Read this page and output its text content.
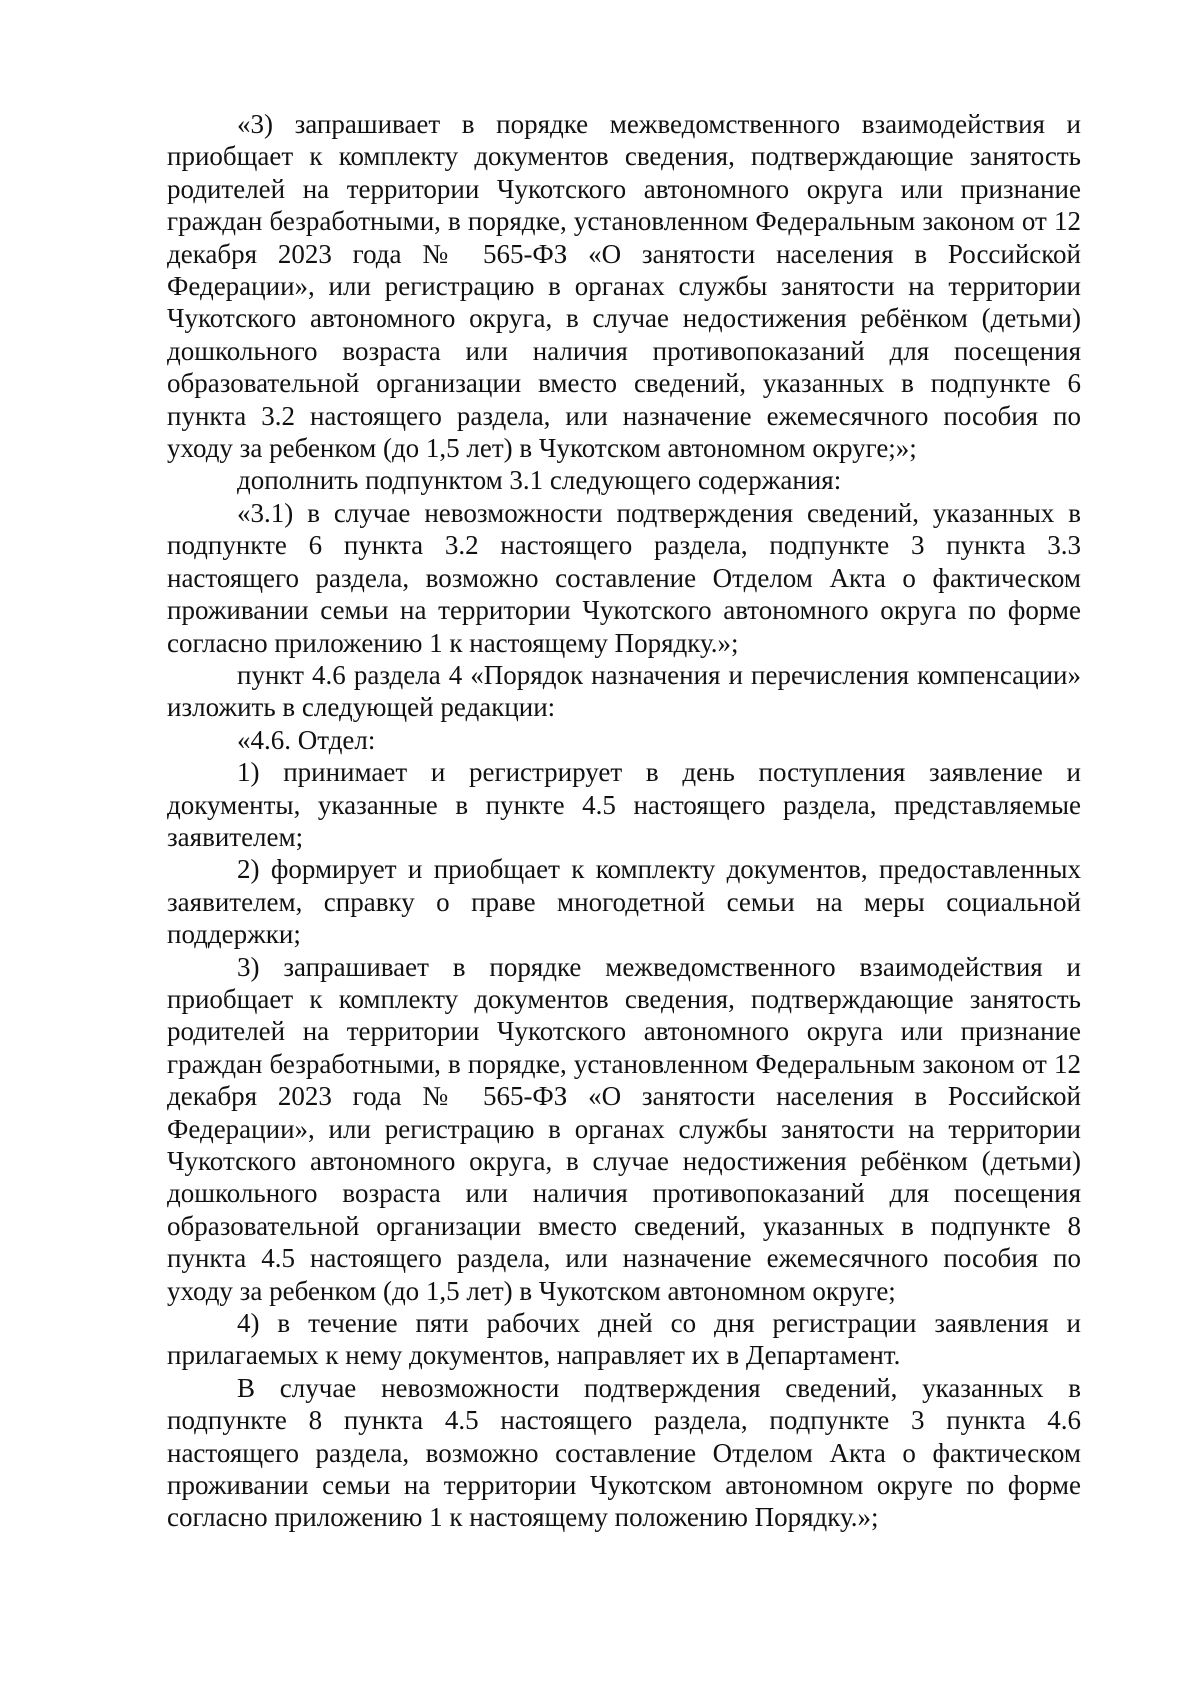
«3) запрашивает в порядке межведомственного взаимодействия и приобщает к комплекту документов сведения, подтверждающие занятость родителей на территории Чукотского автономного округа или признание граждан безработными, в порядке, установленном Федеральным законом от 12 декабря 2023 года № 565-ФЗ «О занятости населения в Российской Федерации», или регистрацию в органах службы занятости на территории Чукотского автономного округа, в случае недостижения ребёнком (детьми) дошкольного возраста или наличия противопоказаний для посещения образовательной организации вместо сведений, указанных в подпункте 6 пункта 3.2 настоящего раздела, или назначение ежемесячного пособия по уходу за ребенком (до 1,5 лет) в Чукотском автономном округе;»;

дополнить подпунктом 3.1 следующего содержания:

«3.1) в случае невозможности подтверждения сведений, указанных в подпункте 6 пункта 3.2 настоящего раздела, подпункте 3 пункта 3.3 настоящего раздела, возможно составление Отделом Акта о фактическом проживании семьи на территории Чукотского автономного округа по форме согласно приложению 1 к настоящему Порядку.»;

пункт 4.6 раздела 4 «Порядок назначения и перечисления компенсации» изложить в следующей редакции:

«4.6. Отдел:

1) принимает и регистрирует в день поступления заявление и документы, указанные в пункте 4.5 настоящего раздела, представляемые заявителем;

2) формирует и приобщает к комплекту документов, предоставленных заявителем, справку о праве многодетной семьи на меры социальной поддержки;

3) запрашивает в порядке межведомственного взаимодействия и приобщает к комплекту документов сведения, подтверждающие занятость родителей на территории Чукотского автономного округа или признание граждан безработными, в порядке, установленном Федеральным законом от 12 декабря 2023 года № 565-ФЗ «О занятости населения в Российской Федерации», или регистрацию в органах службы занятости на территории Чукотского автономного округа, в случае недостижения ребёнком (детьми) дошкольного возраста или наличия противопоказаний для посещения образовательной организации вместо сведений, указанных в подпункте 8 пункта 4.5 настоящего раздела, или назначение ежемесячного пособия по уходу за ребенком (до 1,5 лет) в Чукотском автономном округе;

4) в течение пяти рабочих дней со дня регистрации заявления и прилагаемых к нему документов, направляет их в Департамент.

В случае невозможности подтверждения сведений, указанных в подпункте 8 пункта 4.5 настоящего раздела, подпункте 3 пункта 4.6 настоящего раздела, возможно составление Отделом Акта о фактическом проживании семьи на территории Чукотском автономном округе по форме согласно приложению 1 к настоящему положению Порядку.»;
